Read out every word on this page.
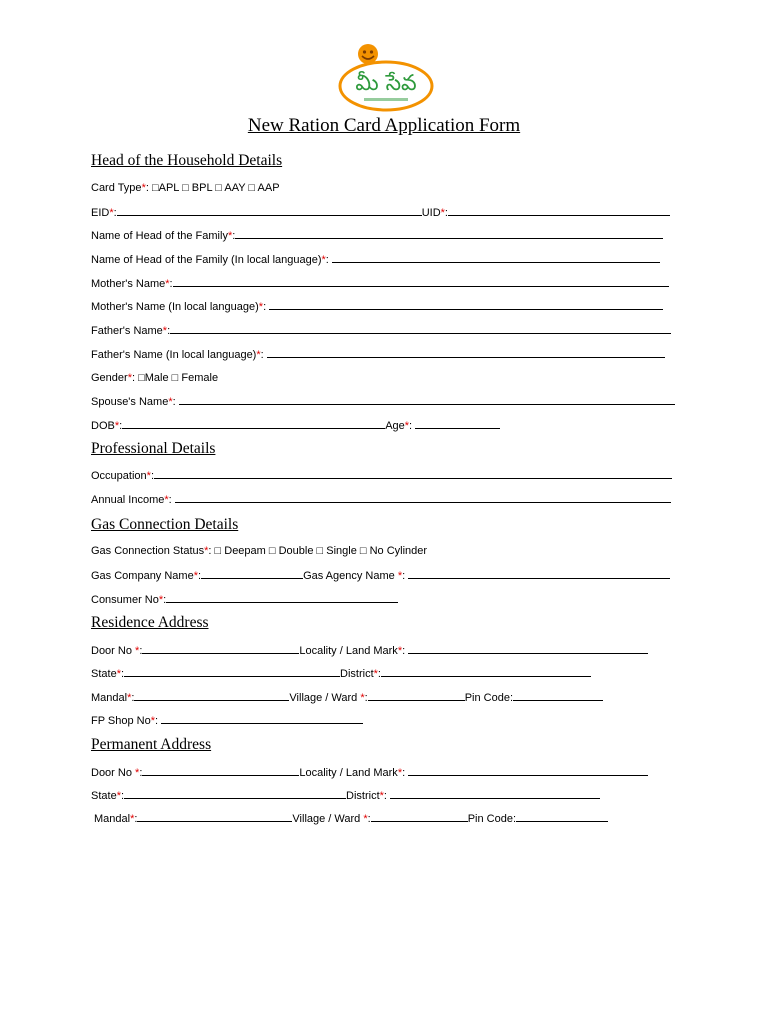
మీ సేవ
New Ration Card Application Form
Head of the Household Details
Card Type*: □APL □ BPL □ AAY □ AAP
EID*:	UID*:
Name of Head of the Family*:
Name of Head of the Family (In local language)*:
Mother's Name*:
Mother's Name (In local language)*:
Father's Name*:
Father's Name (In local language)*:
Gender*: □Male □ Female
Spouse's Name*:
DOB*:	Age*:
Professional Details
Occupation*:
Annual Income*:
Gas Connection Details
Gas Connection Status*: □ Deepam □ Double □ Single □ No Cylinder
Gas Company Name*:	Gas Agency Name *:
Consumer No*:
Residence Address
Door No *:	Locality / Land Mark*:
State*:	District*:
Mandal*:	Village / Ward *:	Pin Code:
FP Shop No*:
Permanent Address
Door No *:	Locality / Land Mark*:
State*:	District*:
Mandal*:	Village / Ward *:	Pin Code:
